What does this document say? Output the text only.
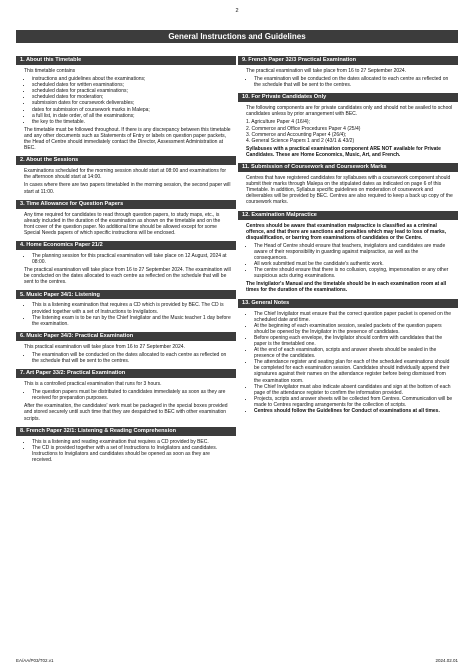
2
General Instructions and Guidelines
1. About this Timetable

This timetable contains

• instructions and guidelines about the examinations;
• scheduled dates for written examinations;
• scheduled dates for practical examinations;
• scheduled dates for moderation;
• submission dates for coursework deliverables;
• dates for submission of coursework marks in Malepa;
• a full list, in date order, of all the examinations;
• the key to the timetable.

The timetable must be followed throughout. If there is any discrepancy between this timetable and any other documents such as Statements of Entry or labels on question paper packets, the Head of Centre should immediately contact the Director, Assessment Administration at BEC.

2. About the Sessions

Examinations scheduled for the morning session should start at 08:00 and examinations for the afternoon should start at 14:00.

In cases where there are two papers timetabled in the morning session, the second paper will start at 11:00.

3. Time Allowance for Question Papers

Any time required for candidates to read through question papers, to study maps, etc., is already included in the duration of the examination as shown on the timetable and on the front cover of the question paper. No additional time should be allowed except for some Special Needs papers of which specific instructions will be enclosed.

4. Home Economics Paper 21/2
• The planning session for this practical examination will take place on 12 August, 2024 at 08:00.

The practical examination will take place from 16 to 27 September 2024. The examination will be conducted on the dates allocated to each centre as reflected on the schedule that will be sent to the centres.

5. Music Paper 34/1: Listening
• This is a listening examination that requires a CD which is provided by BEC. The CD is provided together with a set of Instructions to Invigilators.
• The listening exam is to be run by the Chief Invigilator and the Music teacher 1 day before the examination.
6. Music Paper 34/3: Practical Examination

This practical examination will take place from 16 to 27 September 2024.

• The examination will be conducted on the dates allocated to each centre as reflected on the schedule that will be sent to the centres.
7. Art Paper 33/2: Practical Examination

This is a controlled practical examination that runs for 3 hours.

• The question papers must be distributed to candidates immediately as soon as they are received for preparation purposes.

After the examination, the candidates' work must be packaged in the special boxes provided and stored securely until such time that they are despatched to BEC with other examination scripts.

8. French Paper 32/1: Listening & Reading Comprehension
• This is a listening and reading examination that requires a CD provided by BEC.
• The CD is provided together with a set of Instructions to Invigilators and candidates. Instructions to Invigilators and candidates should be opened as soon as they are received.
9. French Paper 32/3 Practical Examination

The practical examination will take place from 16 to 27 September 2024.

• The examination will be conducted on the dates allocated to each centre as reflected on the schedule that will be sent to the centres.
10. For Private Candidates Only

The following components are for private candidates only and should not be availed to school candidates unless by prior arrangement with BEC.

1. Agriculture Paper 4 (16/4);
2. Commerce and Office Procedures Paper 4 (25/4)
3. Commerce and Accounting Paper 4 (26/4);
4. General Science Papers 1 and 2 (43/1 & 43/2)

Syllabuses with a practical examination component ARE NOT available for Private Candidates. These are Home Economics, Music, Art, and French.

11. Submission of Coursework and Coursework Marks

Centres that have registered candidates for syllabuses with a coursework component should submit their marks through Malepa on the stipulated dates as indicated on page 6 of this Timetable. In addition, Syllabus specific guidelines on moderation of coursework and deliverables will be provided by BEC. Centres are also required to keep a back up copy of the coursework marks.

12. Examination Malpractice

Centres should be aware that examination malpractice is classified as a criminal offence, and that there are sanctions and penalties which may lead to loss of marks, disqualification, or barring from examinations of candidates or the Centre.

• The Head of Centre should ensure that teachers, invigilators and candidates are made aware of their responsibility in guarding against malpractice, as well as the consequences.
• All work submitted must be the candidate's authentic work.
• The centre should ensure that there is no collusion, copying, impersonation or any other suspicious acts during examinations.

The Invigilator's Manual and the timetable should be in each examination room at all times for the duration of the examinations.

13. General Notes
• The Chief Invigilator must ensure that the correct question paper packet is opened on the scheduled date and time.
• At the beginning of each examination session, sealed packets of the question papers should be opened by the Invigilator in the presence of candidates.
• Before opening each envelope, the Invigilator should confirm with candidates that the paper is the timetabled one.
• At the end of each examination, scripts and answer sheets should be sealed in the presence of the candidates.
• The attendance register and seating plan for each of the scheduled examinations should be completed for each examination session. Candidates should individually append their signatures against their names on the attendance register before being dismissed from the examination room.
• The Chief Invigilator must also indicate absent candidates and sign at the bottom of each page of the attendance register to confirm the information provided.
• Projects, scripts and answer sheets will be collected from Centres. Communication will be made to Centres regarding arrangements for the collection of scripts.
• Centres should follow the Guidelines for Conduct of examinations at all times.
EA/AA/P03/T02.v1	2024.02.01
